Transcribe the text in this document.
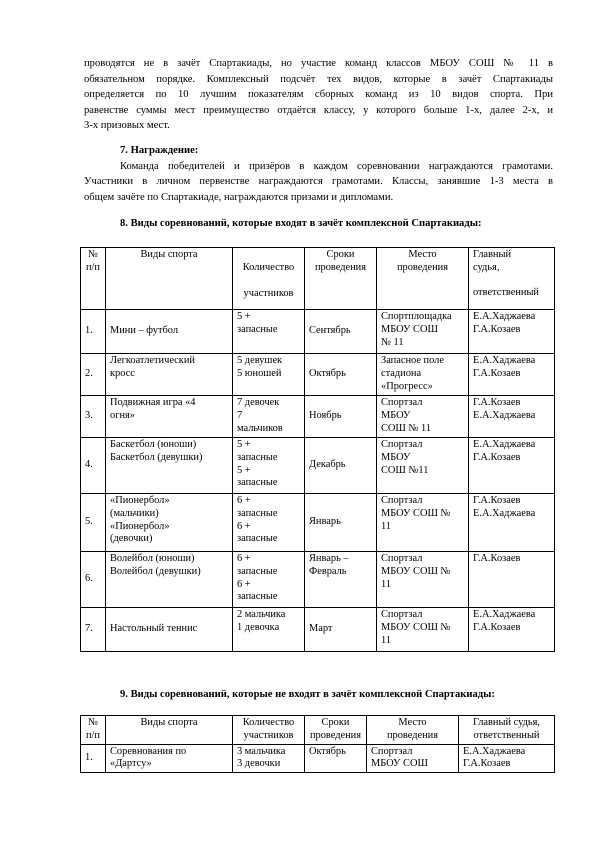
проводятся не в зачёт Спартакиады, но участие команд классов МБОУ СОШ № 11 в
обязательном порядке. Комплексный подсчёт тех видов, которые в зачёт Спартакиады
определяется по 10 лучшим показателям сборных команд из 10 видов спорта. При
равенстве суммы мест преимущество отдаётся классу, у которого больше 1-х, далее 2-х, и
3-х призовых мест.

7. Награждение:

Команда победителей и призёров в каждом соревновании награждаются грамотами.
Участники в личном первенстве награждаются грамотами. Классы, занявшие 1-3 места в
общем зачёте по Спартакиаде, награждаются призами и дипломами.

8. Виды соревнований, которые входят в зачёт комплексной Спартакиады:
№
п/п	Виды спорта	Количество
участников	Сроки
проведения	Место
проведения	Главный
судья,
ответственный

1.	Мини – футбол	5 +
запасные	Сентябрь	Спортплощадка
МБОУ СОШ
№ 11	Е.А.Хаджаева
Г.А.Козаев

2.	Легкоатлетический
кросс	5 девушек
5 юношей	Октябрь	Запасное поле
стадиона
«Прогресс»	Е.А.Хаджаева
Г.А.Козаев

3.	Подвижная игра «4
огня»	7 девочек
7
мальчиков	Ноябрь	Спортзал
МБОУ
СОШ № 11	Г.А.Козаев
Е.А.Хаджаева

4.	Баскетбол (юноши)
Баскетбол (девушки)	5 +
запасные
5 +
запасные	Декабрь	Спортзал
МБОУ
СОШ №11	Е.А.Хаджаева
Г.А.Козаев

5.	«Пионербол»
(мальчики)
«Пионербол»
(девочки)	6 +
запасные
6 +
запасные	Январь	Спортзал
МБОУ СОШ №
11	Г.А.Козаев
Е.А.Хаджаева

6.	Волейбол (юноши)
Волейбол (девушки)	6 +
запасные
6 +
запасные	Январь –
Февраль	Спортзал
МБОУ СОШ №
11	Г.А.Козаев

7.	Настольный теннис	2 мальчика
1 девочка	Март	Спортзал
МБОУ СОШ №
11	Е.А.Хаджаева
Г.А.Козаев
9. Виды соревнований, которые не входят в зачёт комплексной Спартакиады:
№
п/п	Виды спорта	Количество
участников	Сроки
проведения	Место
проведения	Главный судья,
ответственный

1.	Соревнования по
«Дартсу»	3 мальчика
3 девочки	Октябрь	Спортзал
МБОУ СОШ	Е.А.Хаджаева
Г.А.Козаев
